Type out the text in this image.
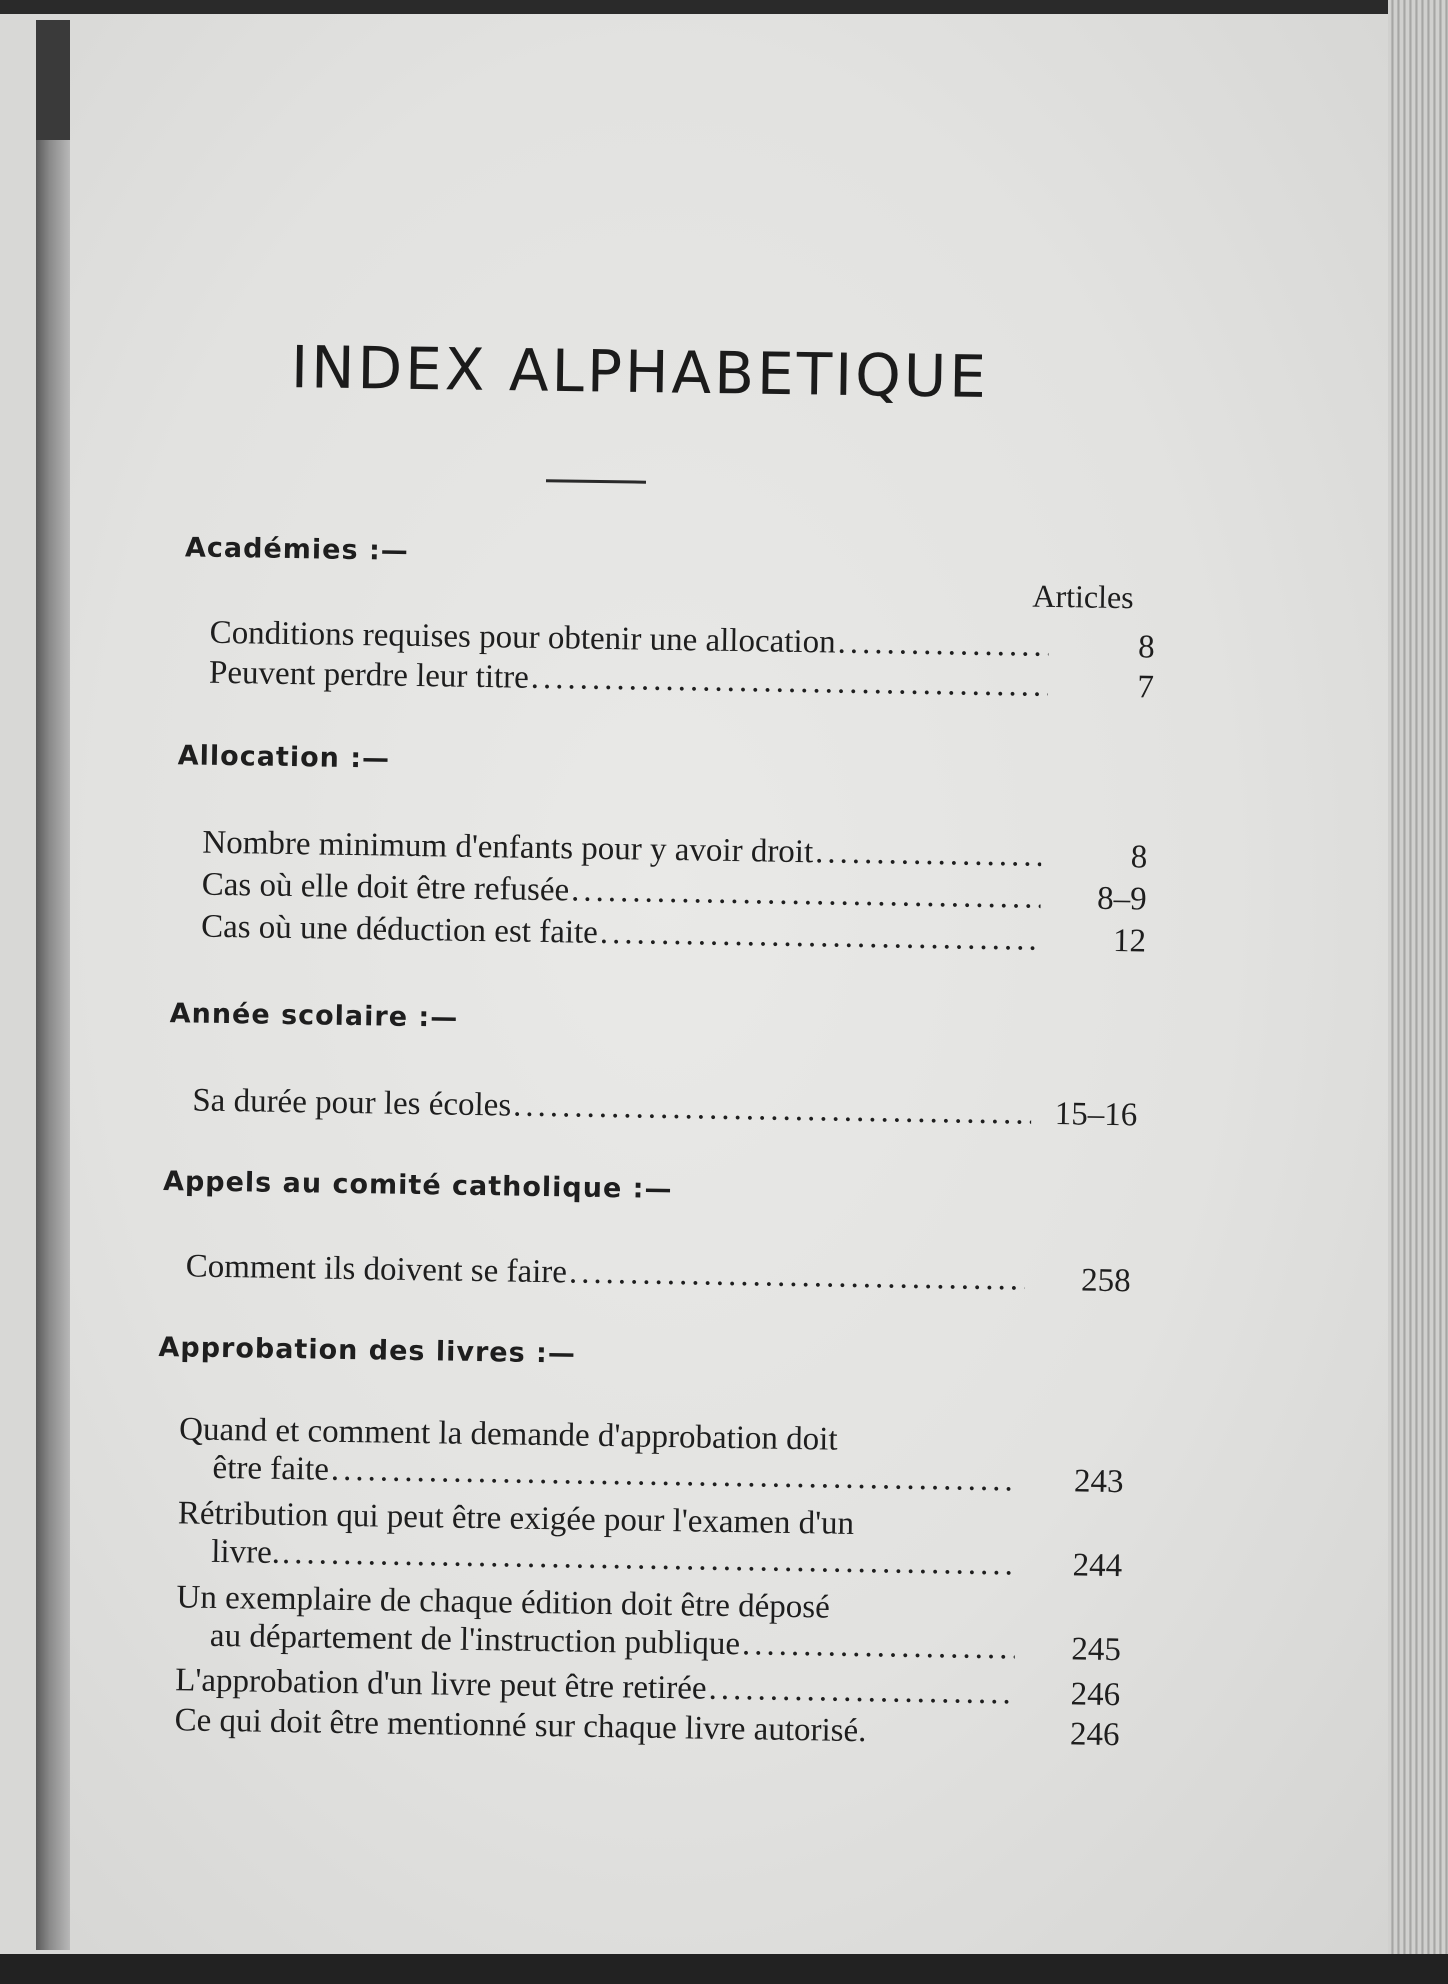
INDEX ALPHABETIQUE
Académies :—
Articles
Conditions requises pour obtenir une allocation .....	8
Peuvent perdre leur titre .....	7
Allocation :—
Nombre minimum d'enfants pour y avoir droit .....	8
Cas où elle doit être refusée .....	8–9
Cas où une déduction est faite .....	12
Année scolaire :—
Sa durée pour les écoles .....	15–16
Appels au comité catholique :—
Comment ils doivent se faire .....	258
Approbation des livres :—
Quand et comment la demande d'approbation doit
être faite .....	243
Rétribution qui peut être exigée pour l'examen d'un
livre. .....	244
Un exemplaire de chaque édition doit être déposé
au département de l'instruction publique .....	245
L'approbation d'un livre peut être retirée .....	246
Ce qui doit être mentionné sur chaque livre autorisé. .....	246
